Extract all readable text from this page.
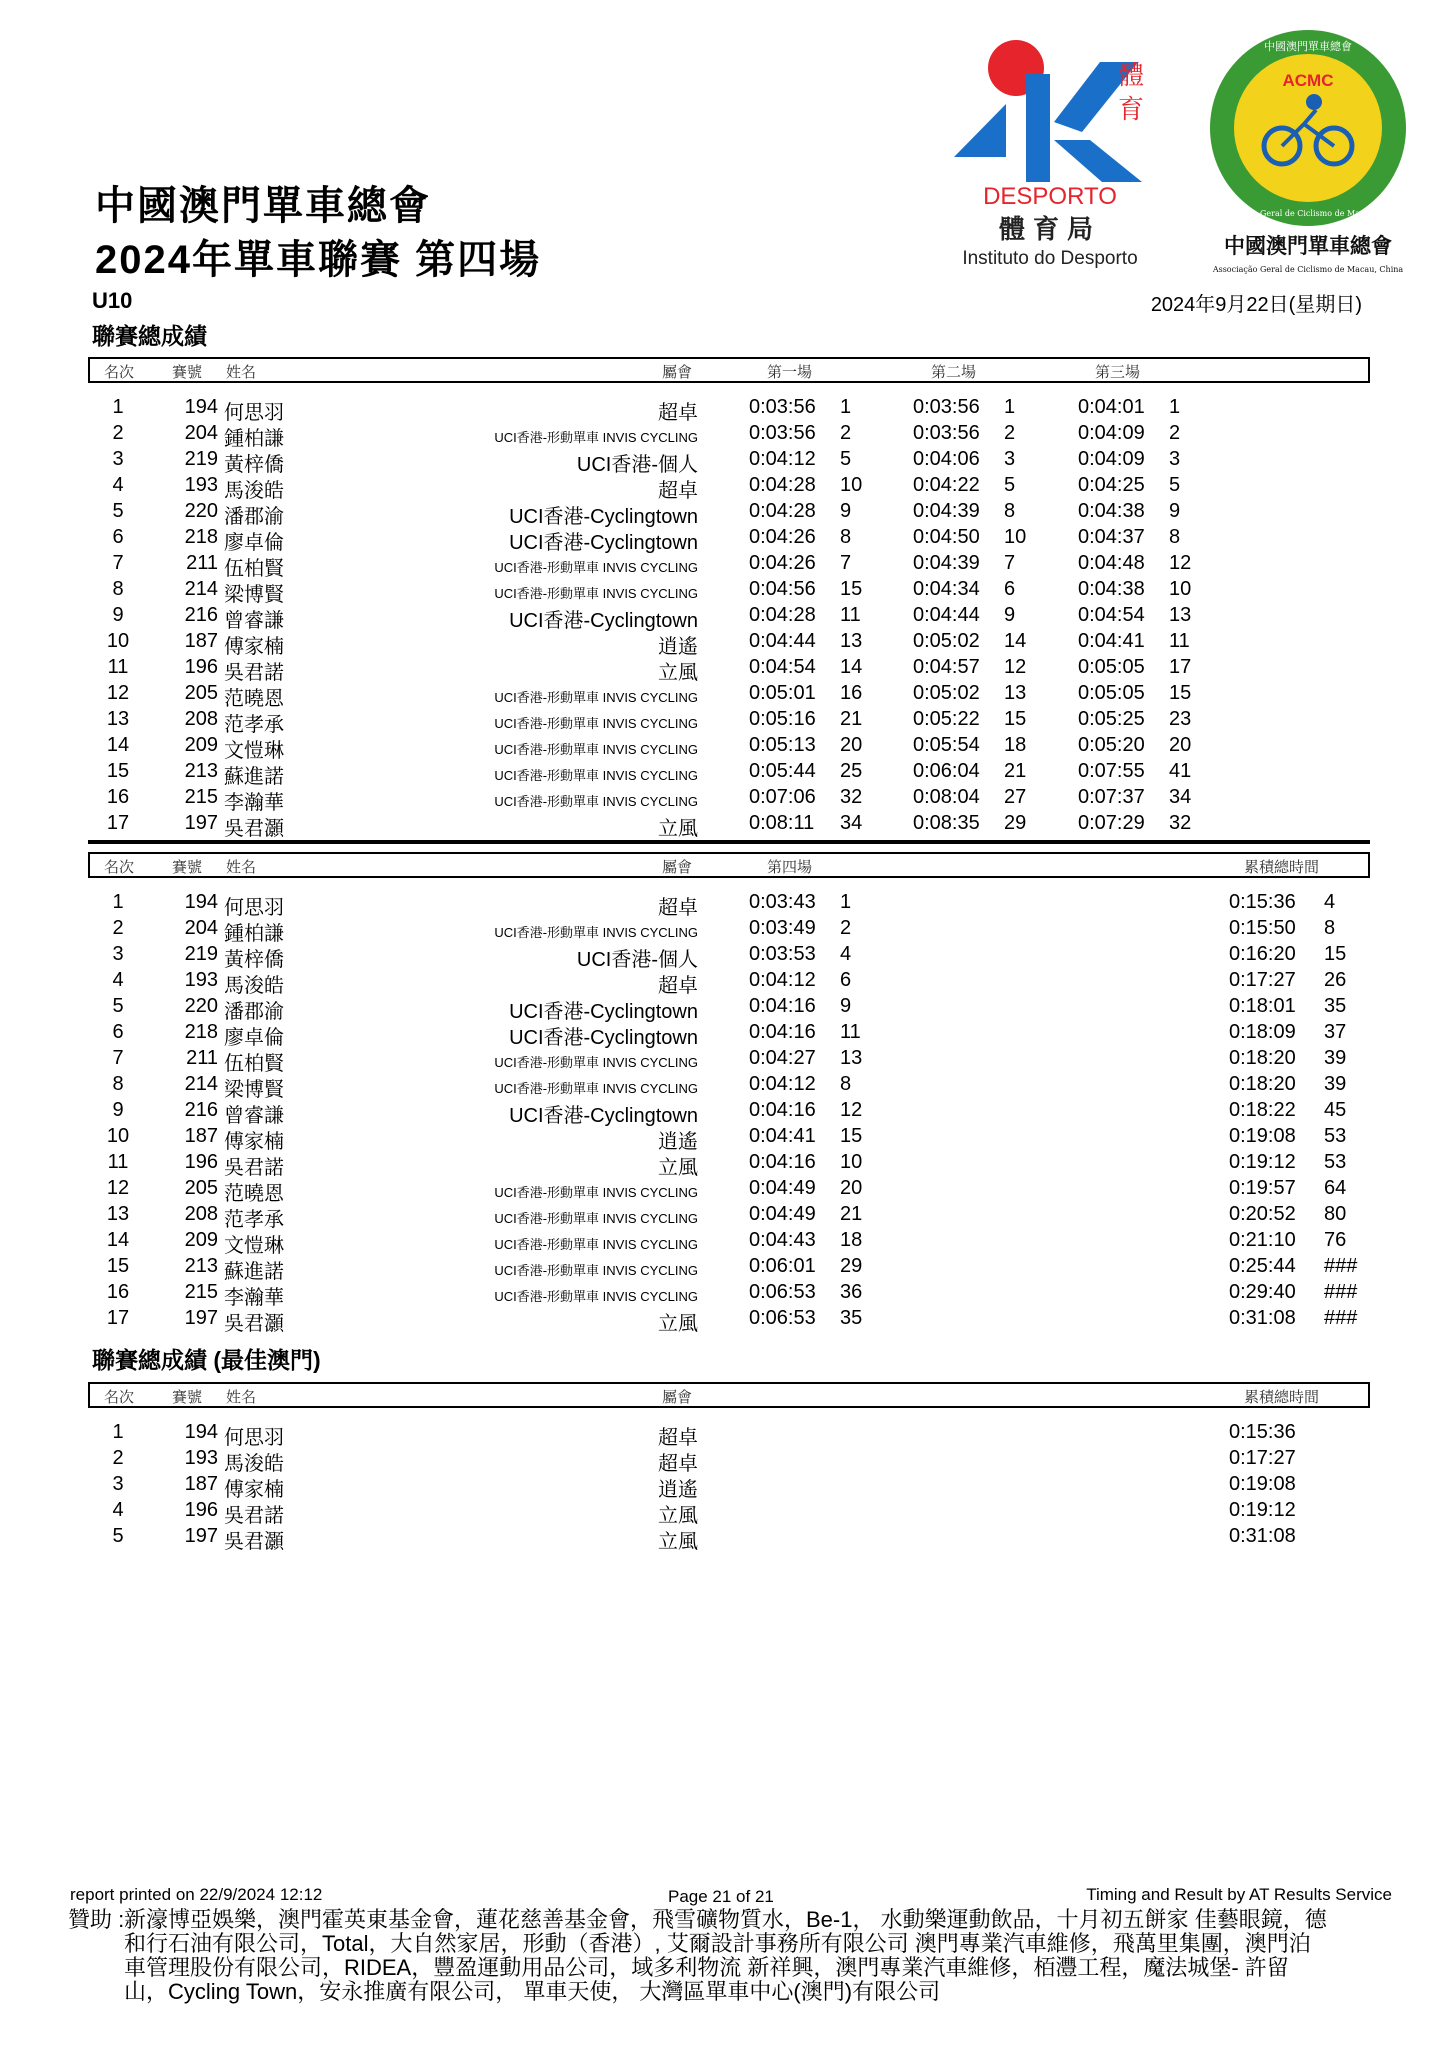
中國澳門單車總會
2024年單車聯賽 第四場
U10	2024年9月22日(星期日)
體
育
DESPORTO
體育局
Instituto do Desporto
ACMC
中國澳門單車總會
Associação Geral de Ciclismo de Macau, China
中國澳門單車總會
Associação Geral de Ciclismo de Macau, China
聯賽總成績
名次	賽號 姓名	屬會	第一場	第二場	第三場
1	194 何思羽	超卓	0:03:56 1	0:03:56 1	0:04:01 1
2	204 鍾柏謙	UCI香港-形動單車 INVIS CYCLING	0:03:56 2	0:03:56 2	0:04:09 2
3	219 黃梓僑	UCI香港-個人	0:04:12 5	0:04:06 3	0:04:09 3
4	193 馬浚皓	超卓	0:04:28 10	0:04:22 5	0:04:25 5
5	220 潘郡渝	UCI香港-Cyclingtown	0:04:28 9	0:04:39 8	0:04:38 9
6	218 廖卓倫	UCI香港-Cyclingtown	0:04:26 8	0:04:50 10	0:04:37 8
7	211 伍柏賢	UCI香港-形動單車 INVIS CYCLING	0:04:26 7	0:04:39 7	0:04:48 12
8	214 梁博賢	UCI香港-形動單車 INVIS CYCLING	0:04:56 15	0:04:34 6	0:04:38 10
9	216 曾睿謙	UCI香港-Cyclingtown	0:04:28 11	0:04:44 9	0:04:54 13
10	187 傅家楠	逍遙	0:04:44 13	0:05:02 14	0:04:41 11
11	196 吳君諾	立風	0:04:54 14	0:04:57 12	0:05:05 17
12	205 范曉恩	UCI香港-形動單車 INVIS CYCLING	0:05:01 16	0:05:02 13	0:05:05 15
13	208 范孝承	UCI香港-形動單車 INVIS CYCLING	0:05:16 21	0:05:22 15	0:05:25 23
14	209 文愷琳	UCI香港-形動單車 INVIS CYCLING	0:05:13 20	0:05:54 18	0:05:20 20
15	213 蘇進諾	UCI香港-形動單車 INVIS CYCLING	0:05:44 25	0:06:04 21	0:07:55 41
16	215 李瀚華	UCI香港-形動單車 INVIS CYCLING	0:07:06 32	0:08:04 27	0:07:37 34
17	197 吳君灝	立風	0:08:11 34	0:08:35 29	0:07:29 32
名次	賽號 姓名	屬會	第四場	累積總時間
1	194 何思羽	超卓	0:03:43 1	0:15:36 4
2	204 鍾柏謙	UCI香港-形動單車 INVIS CYCLING	0:03:49 2	0:15:50 8
3	219 黃梓僑	UCI香港-個人	0:03:53 4	0:16:20 15
4	193 馬浚皓	超卓	0:04:12 6	0:17:27 26
5	220 潘郡渝	UCI香港-Cyclingtown	0:04:16 9	0:18:01 35
6	218 廖卓倫	UCI香港-Cyclingtown	0:04:16 11	0:18:09 37
7	211 伍柏賢	UCI香港-形動單車 INVIS CYCLING	0:04:27 13	0:18:20 39
8	214 梁博賢	UCI香港-形動單車 INVIS CYCLING	0:04:12 8	0:18:20 39
9	216 曾睿謙	UCI香港-Cyclingtown	0:04:16 12	0:18:22 45
10	187 傅家楠	逍遙	0:04:41 15	0:19:08 53
11	196 吳君諾	立風	0:04:16 10	0:19:12 53
12	205 范曉恩	UCI香港-形動單車 INVIS CYCLING	0:04:49 20	0:19:57 64
13	208 范孝承	UCI香港-形動單車 INVIS CYCLING	0:04:49 21	0:20:52 80
14	209 文愷琳	UCI香港-形動單車 INVIS CYCLING	0:04:43 18	0:21:10 76
15	213 蘇進諾	UCI香港-形動單車 INVIS CYCLING	0:06:01 29	0:25:44 ###
16	215 李瀚華	UCI香港-形動單車 INVIS CYCLING	0:06:53 36	0:29:40 ###
17	197 吳君灝	立風	0:06:53 35	0:31:08 ###
聯賽總成績 (最佳澳門)
名次	賽號 姓名	屬會	累積總時間
1	194 何思羽	超卓	0:15:36
2	193 馬浚皓	超卓	0:17:27
3	187 傅家楠	逍遙	0:19:08
4	196 吳君諾	立風	0:19:12
5	197 吳君灝	立風	0:31:08
report printed on 22/9/2024 12:12	Page 21 of 21	Timing and Result by AT Results Service
贊助 : 新濠博亞娛樂，澳門霍英東基金會，蓮花慈善基金會，飛雪礦物質水，Be-1， 水動樂運動飲品，十月初五餅家 佳藝眼鏡，德和行石油有限公司，Total，大自然家居，形動（香港）, 艾爾設計事務所有限公司 澳門專業汽車維修，飛萬里集團，澳門泊車管理股份有限公司，RIDEA，豐盈運動用品公司，域多利物流 新祥興，澳門專業汽車維修，栢灃工程，魔法城堡- 許留山，Cycling Town，安永推廣有限公司， 單車天使， 大灣區單車中心(澳門)有限公司
